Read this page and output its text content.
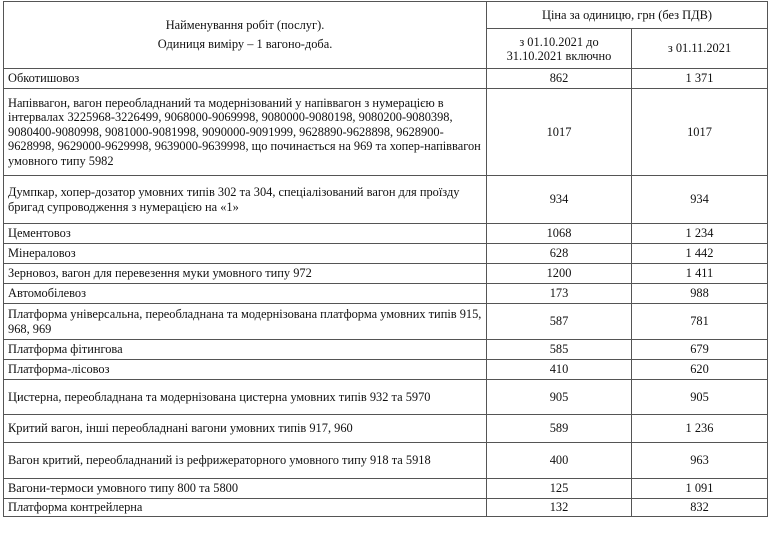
Найменування робіт (послуг).
Одиниця виміру – 1 вагоно-доба.	Ціна за одиницю, грн (без ПДВ)	
	з 01.10.2021 до 31.10.2021 включно	з 01.11.2021
Обкотишовоз	862	1 371
Напіввагон, вагон переобладнаний та модернізований у напіввагон з нумерацією в інтервалах 3225968-3226499, 9068000-9069998, 9080000-9080198, 9080200-9080398, 9080400-9080998, 9081000-9081998, 9090000-9091999, 9628890-9628898, 9628900-9628998, 9629000-9629998, 9639000-9639998, що починається на 969 та хопер-напіввагон умовного типу 5982	1017	1017
Думпкар, хопер-дозатор умовних типів 302 та 304, спеціалізований вагон для проїзду бригад супроводження з нумерацією на «1»	934	934
Цементовоз	1068	1 234
Мінераловоз	628	1 442
Зерновоз, вагон для перевезення муки умовного типу 972	1200	1 411
Автомобілевоз	173	988
Платформа універсальна, переобладнана та модернізована платформа умовних типів 915, 968, 969	587	781
Платформа фітингова	585	679
Платформа-лісовоз	410	620
Цистерна, переобладнана та модернізована цистерна умовних типів 932 та 5970	905	905
Критий вагон, інші переобладнані вагони умовних типів 917, 960	589	1 236
Вагон критий, переобладнаний із рефрижераторного умовного типу 918 та 5918	400	963
Вагони-термоси умовного типу 800 та 5800	125	1 091
Платформа контрейлерна	132	832
